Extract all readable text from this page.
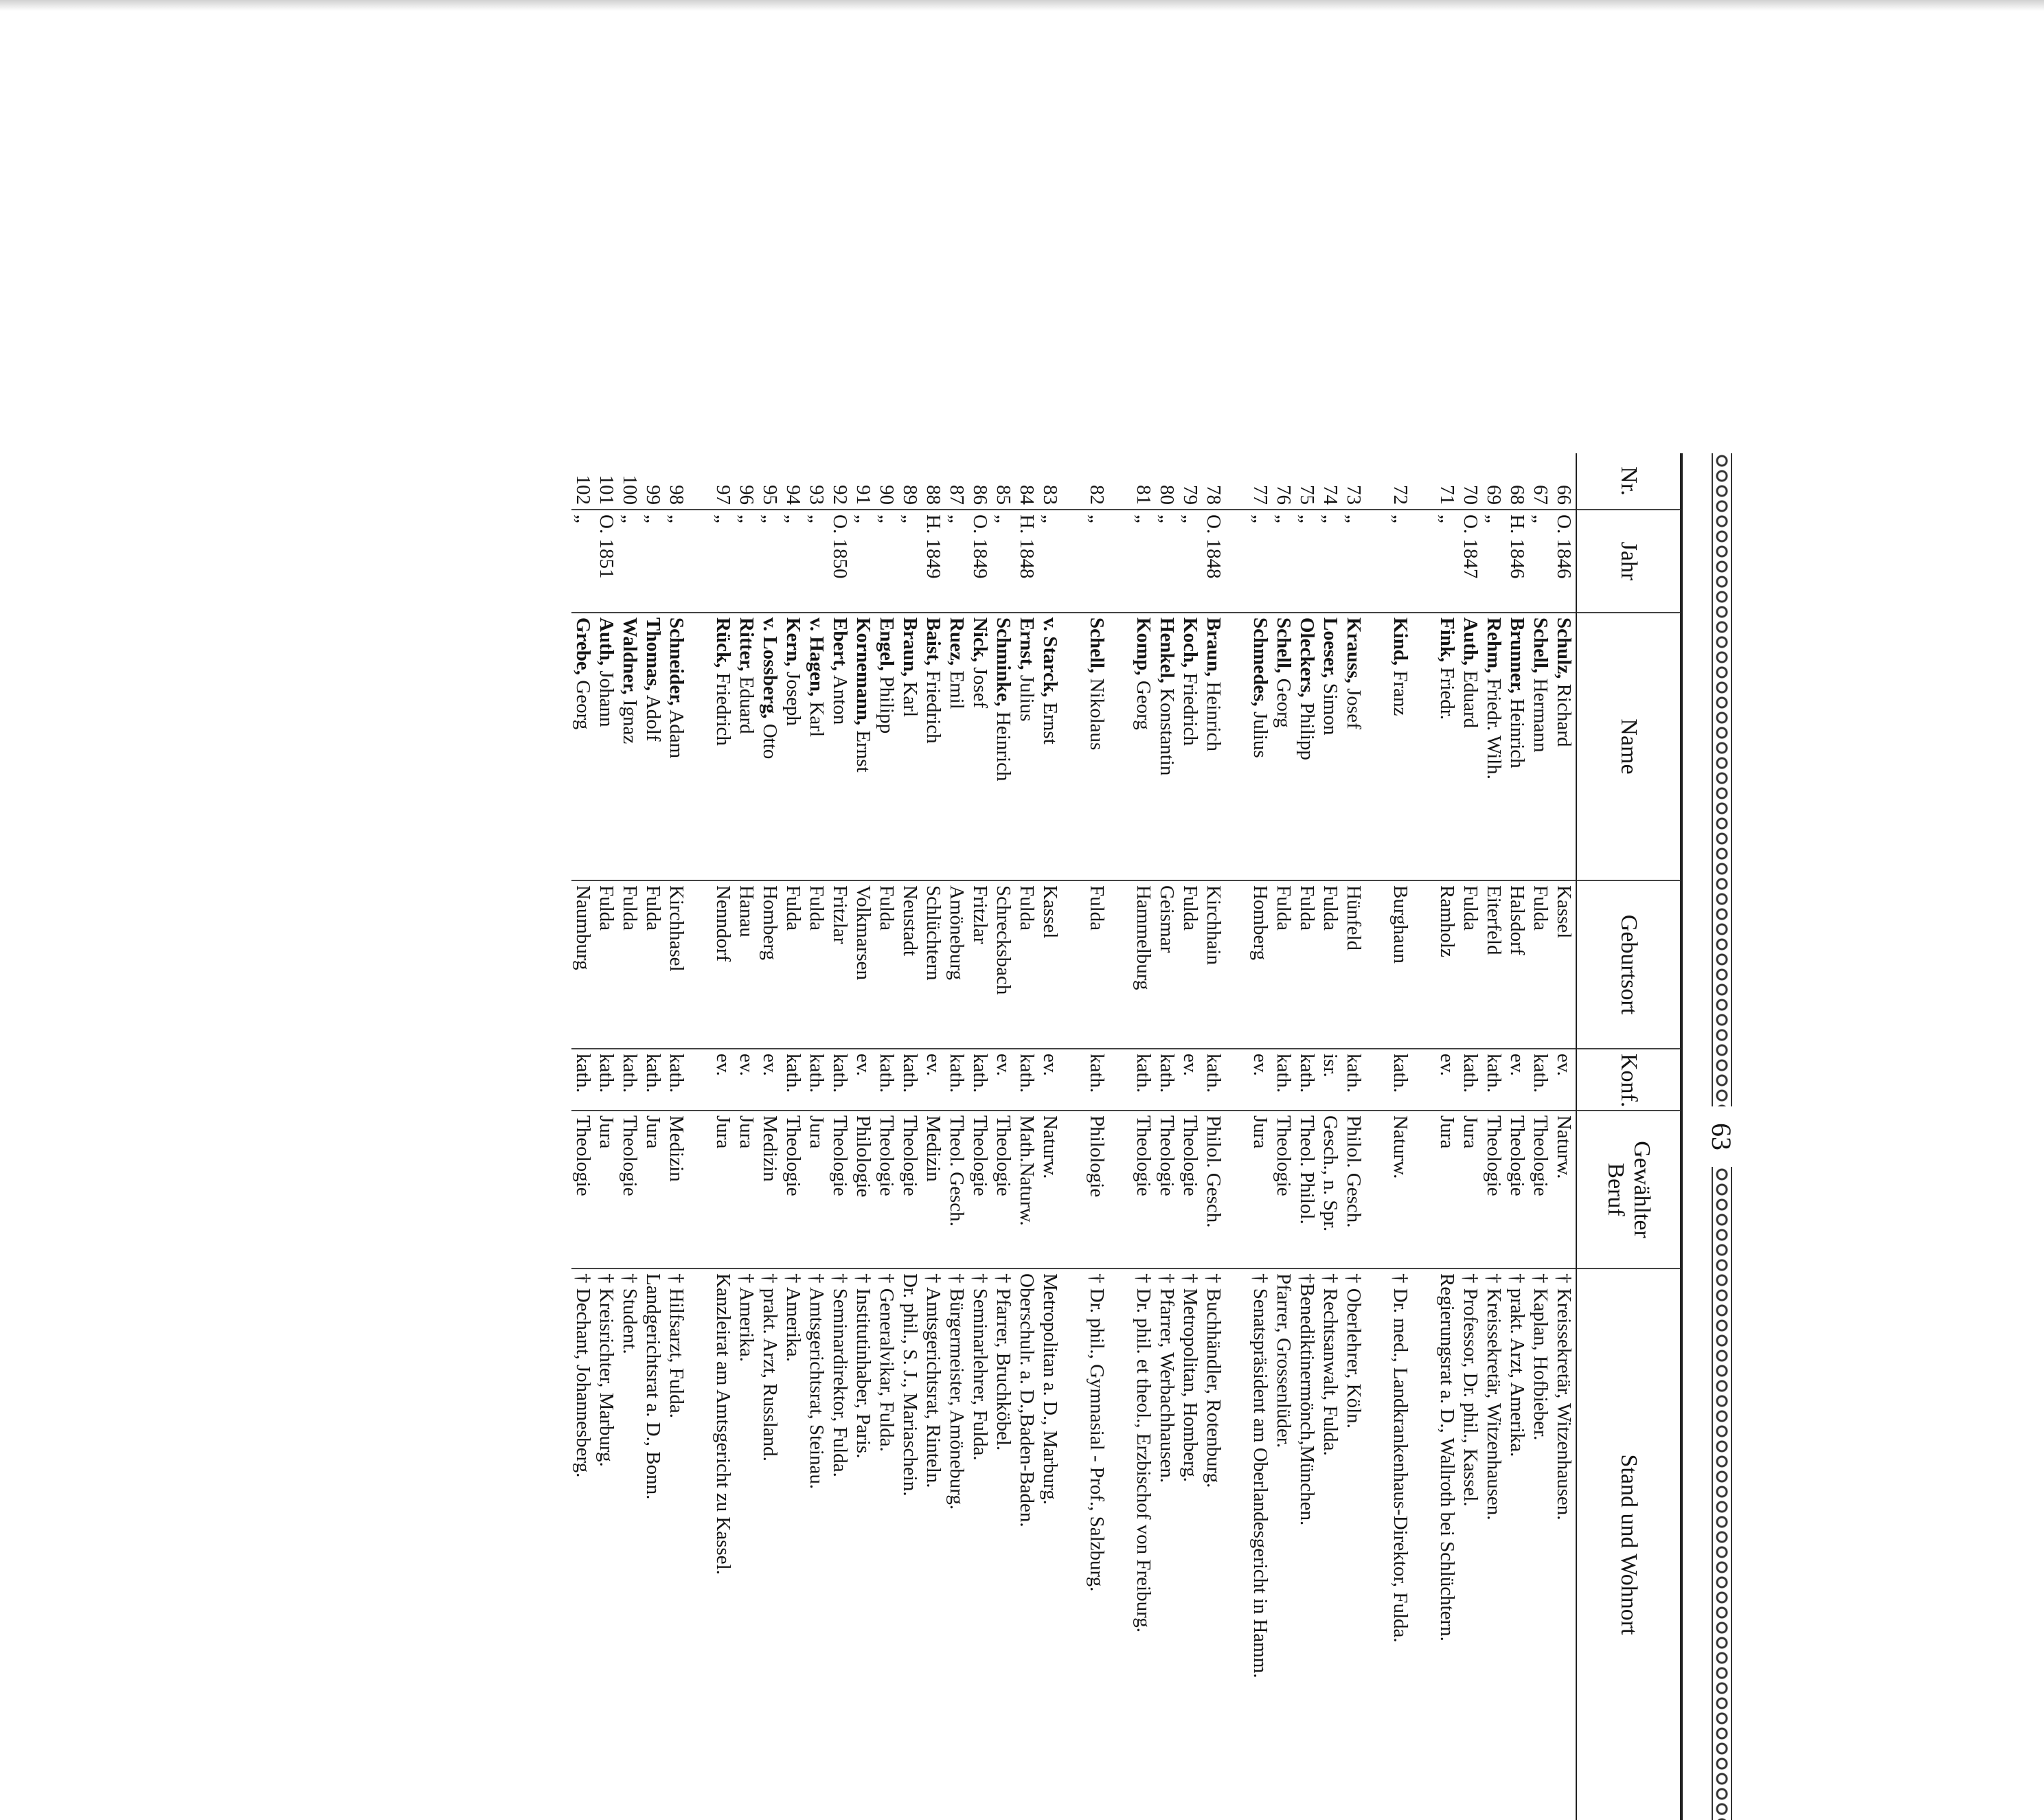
63
Nr.	Jahr	Name	Geburtsort	Konf.	Gewählter
Beruf	Stand und Wohnort
66	O. 1846	Schulz, Richard	Kassel	ev.	Naturw.	† Kreissekretär, Witzenhausen.
67	„	Schell, Hermann	Fulda	kath.	Theologie	† Kaplan, Hofbieber.
68	H. 1846	Brunner, Heinrich	Halsdorf	ev.	Theologie	† prakt. Arzt, Amerika.
69	„	Rehm, Friedr. Wilh.	Eiterfeld	kath.	Theologie	† Kreissekretär, Witzenhausen.
70	O. 1847	Auth, Eduard	Fulda	kath.	Jura	† Professor, Dr. phil., Kassel.
71	„	Fink, Friedr.	Ramholz	ev.	Jura	Regierungsrat a. D., Wallroth bei Schlüchtern.

72	„	Kind, Franz	Burghaun	kath.	Naturw.	† Dr. med., Landkrankenhaus-Direktor, Fulda.

73	„	Krauss, Josef	Hünfeld	kath.	Philol. Gesch.	† Oberlehrer, Köln.
74	„	Loeser, Simon	Fulda	isr.	Gesch., n. Spr.	† Rechtsanwalt, Fulda.
75	„	Oleckers, Philipp	Fulda	kath.	Theol. Philol.	†Benediktinermönch,München.
76	„	Schell, Georg	Fulda	kath.	Theologie	Pfarrer, Grossenlüder.
77	„	Schmedes, Julius	Homberg	ev.	Jura	† Senatspräsident am Oberlandesgericht in Hamm.

78	O. 1848	Braun, Heinrich	Kirchhain	kath.	Philol. Gesch.	† Buchhändler, Rotenburg.
79	„	Koch, Friedrich	Fulda	ev.	Theologie	† Metropolitan, Homberg.
80	„	Henkel, Konstantin	Geismar	kath.	Theologie	† Pfarrer, Werbachhausen.
81	„	Komp, Georg	Hammelburg	kath.	Theologie	† Dr. phil. et theol., Erzbischof von Freiburg.

82	„	Schell, Nikolaus	Fulda	kath.	Philologie	† Dr. phil., Gymnasial - Prof., Salzburg.

83	„	v. Starck, Ernst	Kassel	ev.	Naturw.	Metropolitan a. D., Marburg.
84	H. 1848	Ernst, Julius	Fulda	kath.	Math.Naturw.	Oberschulr. a. D.,Baden-Baden.
85	„	Schminke, Heinrich	Schrecksbach	ev.	Theologie	† Pfarrer, Bruchköbel.
86	O. 1849	Nick, Josef	Fritzlar	kath.	Theologie	† Seminarlehrer, Fulda.
87	„	Ruez, Emil	Amöneburg	kath.	Theol. Gesch.	† Bürgermeister, Amöneburg.
88	H. 1849	Baist, Friedrich	Schlüchtern	ev.	Medizin	† Amtsgerichtsrat, Rinteln.
89	„	Braun, Karl	Neustadt	kath.	Theologie	Dr. phil., S. J., Mariaschein.
90	„	Engel, Philipp	Fulda	kath.	Theologie	† Generalvikar, Fulda.
91	„	Kornemann, Ernst	Volkmarsen	ev.	Philologie	† Institutinhaber, Paris.
92	O. 1850	Ebert, Anton	Fritzlar	kath.	Theologie	† Seminardirektor, Fulda.
93	„	v. Hagen, Karl	Fulda	kath.	Jura	† Amtsgerichtsrat, Steinau.
94	„	Kern, Joseph	Fulda	kath.	Theologie	† Amerika.
95	„	v. Lossberg, Otto	Homberg	ev.	Medizin	† prakt. Arzt, Russland.
96	„	Ritter, Eduard	Hanau	ev.	Jura	† Amerika.
97	„	Rück, Friedrich	Nenndorf	ev.	Jura	Kanzleirat am Amtsgericht zu Kassel.

98	„	Schneider, Adam	Kirchhasel	kath.	Medizin	† Hilfsarzt, Fulda.
99	„	Thomas, Adolf	Fulda	kath.	Jura	Landgerichtsrat a. D., Bonn.
100	„	Waldner, Ignaz	Fulda	kath.	Theologie	† Student.
101	O. 1851	Auth, Johann	Fulda	kath.	Jura	† Kreisrichter, Marburg.
102	„	Grebe, Georg	Naumburg	kath.	Theologie	† Dechant, Johannesberg.
